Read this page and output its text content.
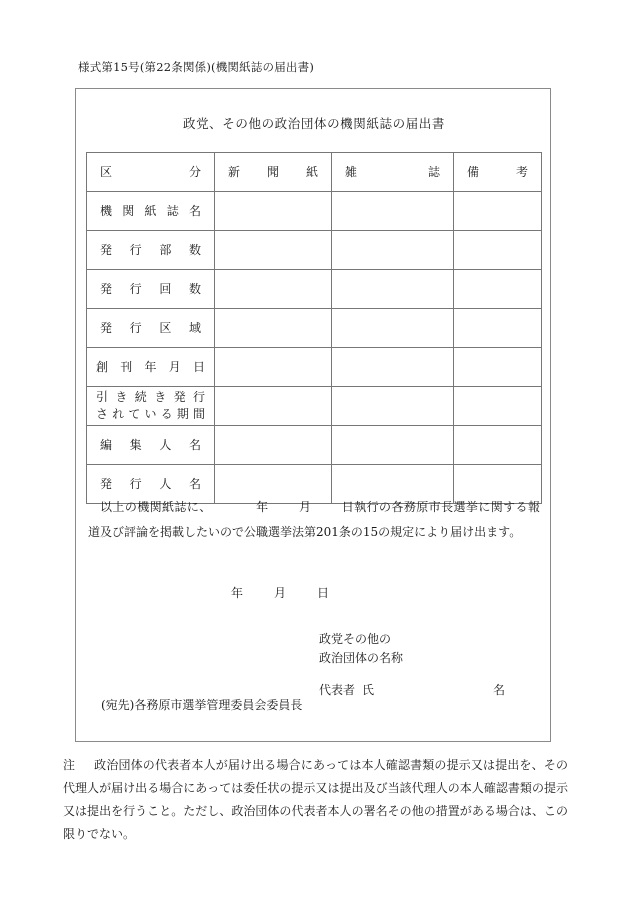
様式第15号(第22条関係)(機関紙誌の届出書)
政党、その他の政治団体の機関紙誌の届出書
区分	新聞紙	雑誌	備考

機関紙誌名			

発行部数			

発行回数			

発行区域			

創刊年月日			

引き続き発行
されている期間			

編集人名			

発行人名			

以上の機関紙誌に、	年	月	日執行の各務原市長選挙に関する報道及び評論を掲載したいので公職選挙法第201条の15の規定により届け出ます。
年	月	日
政党その他の
政治団体の名称
代表者 氏	名
(宛先)各務原市選挙管理委員会委員長
注 政治団体の代表者本人が届け出る場合にあっては本人確認書類の提示又は提出を、その代理人が届け出る場合にあっては委任状の提示又は提出及び当該代理人の本人確認書類の提示又は提出を行うこと。ただし、政治団体の代表者本人の署名その他の措置がある場合は、この限りでない。
